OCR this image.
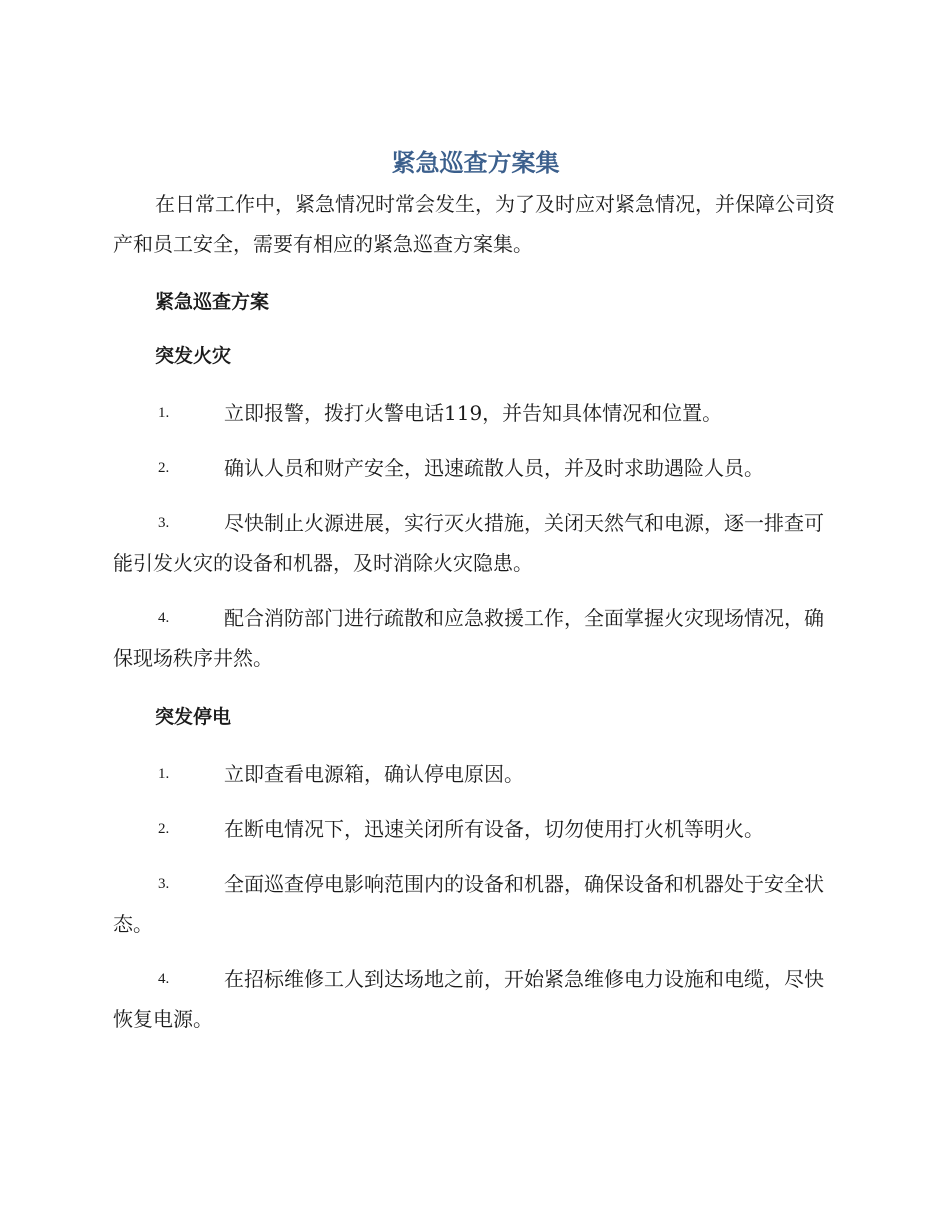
紧急巡查方案集

在日常工作中，紧急情况时常会发生，为了及时应对紧急情况，并保障公司资产和员工安全，需要有相应的紧急巡查方案集。

紧急巡查方案
突发火灾
1.	立即报警，拨打火警电话119，并告知具体情况和位置。
2.	确认人员和财产安全，迅速疏散人员，并及时求助遇险人员。
3.	尽快制止火源进展，实行灭火措施，关闭天然气和电源，逐一排查可能引发火灾的设备和机器，及时消除火灾隐患。
4.	配合消防部门进行疏散和应急救援工作，全面掌握火灾现场情况，确保现场秩序井然。
突发停电
1.	立即查看电源箱，确认停电原因。
2.	在断电情况下，迅速关闭所有设备，切勿使用打火机等明火。
3.	全面巡查停电影响范围内的设备和机器，确保设备和机器处于安全状态。
4.	在招标维修工人到达场地之前，开始紧急维修电力设施和电缆，尽快恢复电源。
